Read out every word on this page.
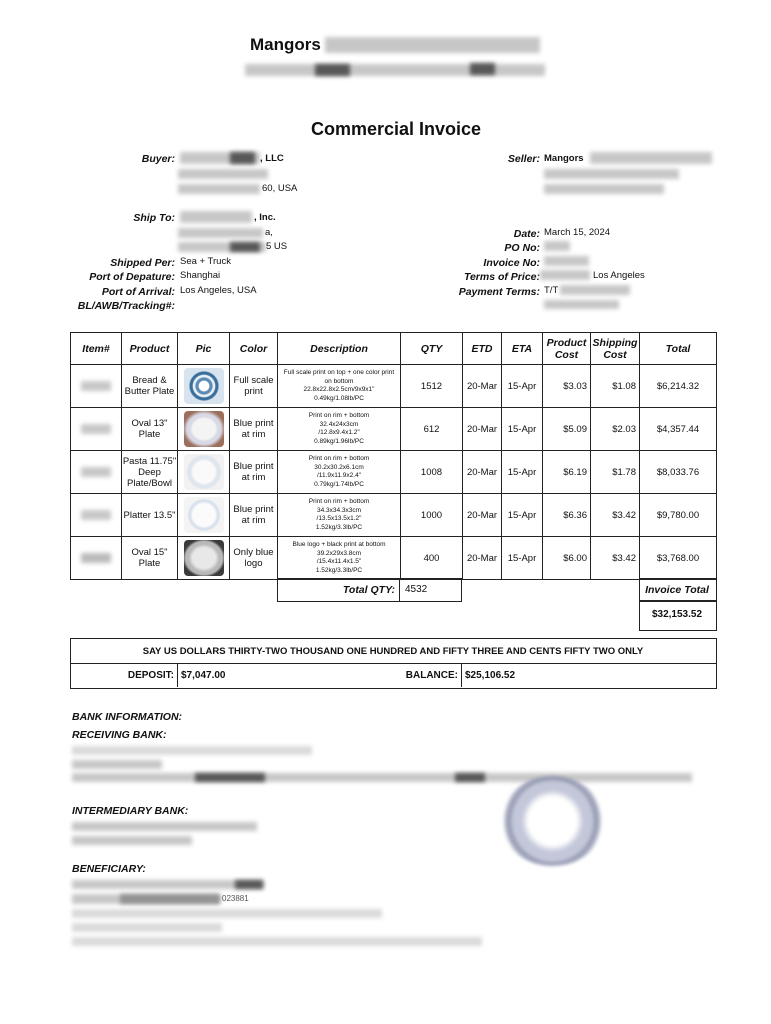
Mangors
Commercial Invoice
Buyer:	, LLC
60, USA
Seller: Mangors
Ship To:	, Inc.
a,
5 US
Date: March 15, 2024
PO No:
Invoice No:
Terms of Price:	Los Angeles
Payment Terms: T/T
Shipped Per: Sea + Truck
Port of Depature: Shanghai
Port of Arrival: Los Angeles, USA
BL/AWB/Tracking#:
Item#	Product	Pic	Color	Description	QTY	ETD	ETA	Product Cost	Shipping Cost	Total

	Bread & Butter Plate		Full scale print	Full scale print on top + one color print
on bottom
22.8x22.8x2.5cm/9x9x1"
0.49kg/1.08lb/PC	1512	20-Mar	15-Apr	$3.03	$1.08	$6,214.32

	Oval 13" Plate		Blue print at rim	Print on rim + bottom
32.4x24x3cm
/12.8x9.4x1.2"
0.89kg/1.96lb/PC	612	20-Mar	15-Apr	$5.09	$2.03	$4,357.44

	Pasta 11.75" Deep Plate/Bowl		Blue print at rim	Print on rim + bottom
30.2x30.2x6.1cm
/11.9x11.9x2.4"
0.79kg/1.74lb/PC	1008	20-Mar	15-Apr	$6.19	$1.78	$8,033.76

	Platter 13.5"		Blue print at rim	Print on rim + bottom
34.3x34.3x3cm
/13.5x13.5x1.2"
1.52kg/3.3lb/PC	1000	20-Mar	15-Apr	$6.36	$3.42	$9,780.00

	Oval 15" Plate		Only blue logo	Blue logo + black print at bottom
39.2x29x3.8cm
/15.4x11.4x1.5"
1.52kg/3.3lb/PC	400	20-Mar	15-Apr	$6.00	$3.42	$3,768.00
Total QTY: 4532	Invoice Total
$32,153.52
SAY US DOLLARS THIRTY-TWO THOUSAND ONE HUNDRED AND FIFTY THREE AND CENTS FIFTY TWO ONLY
DEPOSIT: $7,047.00	BALANCE: $25,106.52
BANK INFORMATION:
RECEIVING BANK:
INTERMEDIARY BANK:
BENEFICIARY:
023881
